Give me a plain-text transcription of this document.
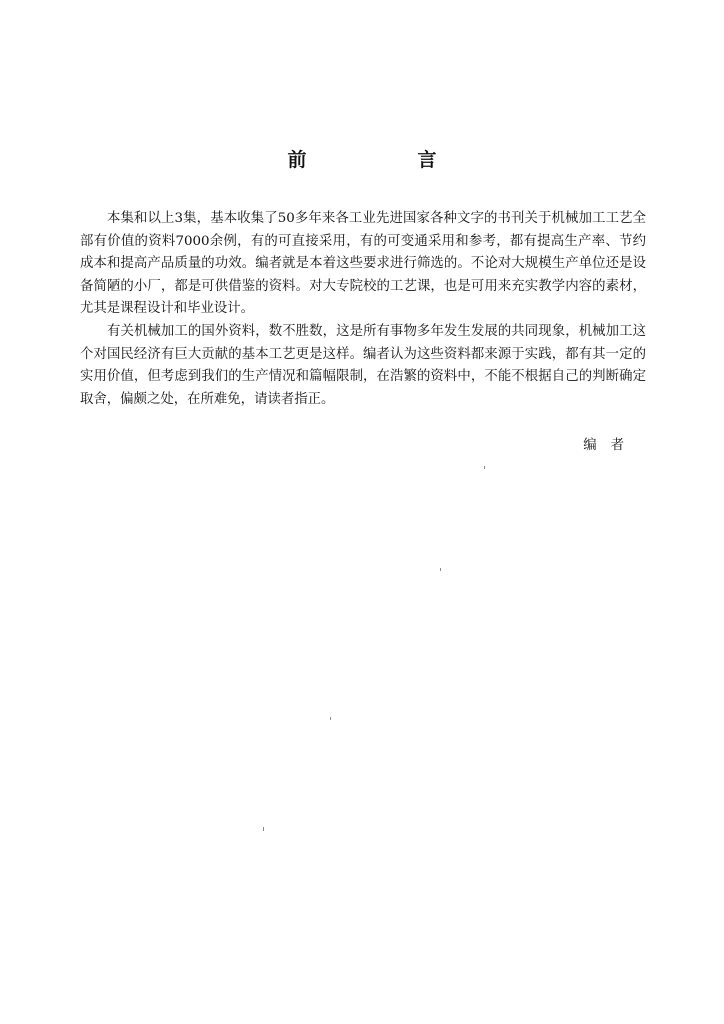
前　言

本集和以上3集，基本收集了50多年来各工业先进国家各种文字的书刊关于机械加工工艺全部有价值的资料7000余例，有的可直接采用，有的可变通采用和参考，都有提高生产率、节约成本和提高产品质量的功效。编者就是本着这些要求进行筛选的。不论对大规模生产单位还是设备简陋的小厂，都是可供借鉴的资料。对大专院校的工艺课，也是可用来充实教学内容的素材，尤其是课程设计和毕业设计。

有关机械加工的国外资料，数不胜数，这是所有事物多年发生发展的共同现象，机械加工这个对国民经济有巨大贡献的基本工艺更是这样。编者认为这些资料都来源于实践，都有其一定的实用价值，但考虑到我们的生产情况和篇幅限制，在浩繁的资料中，不能不根据自己的判断确定取舍，偏颇之处，在所难免，请读者指正。

编者
